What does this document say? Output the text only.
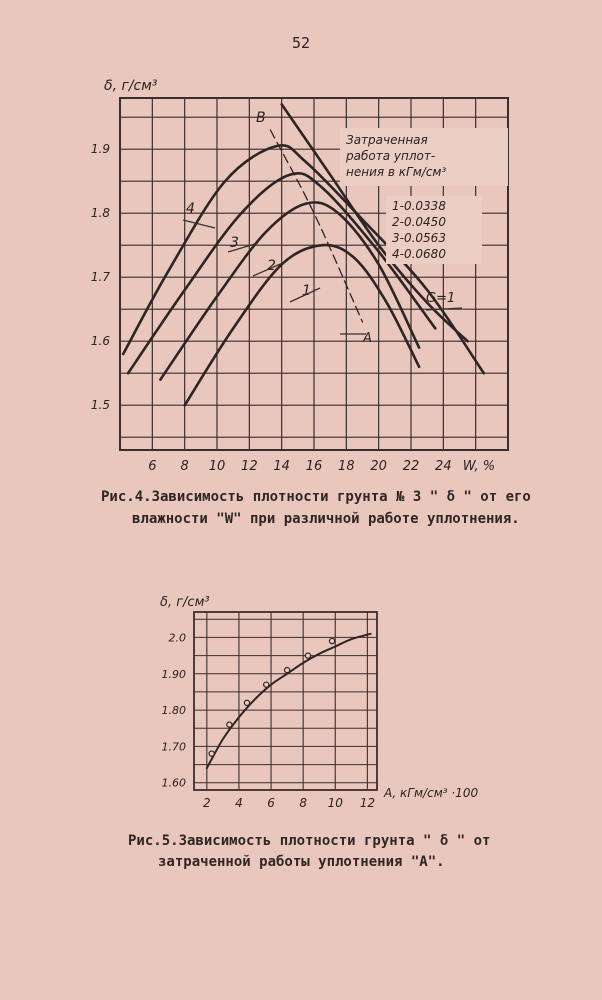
52
6 8 10 12 14 16 18 20 22 24 W, %
1.5
1.6
1.7
1.8
1.9
δ, г/см³
4
3
2
1
B
A
G=1
Затраченная
работа уплот-
нения в кГм/см³
1-0.0338
2-0.0450
3-0.0563
4-0.0680
2 4 6 8 10 12
1.60
1.70
1.80
1.90
2.0
δ, г/см³
A, кГм/см³ ·100
Рис.4.Зависимость плотности грунта № 3 " δ " от его
влажности "W" при различной работе уплотнения.
Рис.5.Зависимость плотности грунта " δ " от
затраченной работы уплотнения "A".
